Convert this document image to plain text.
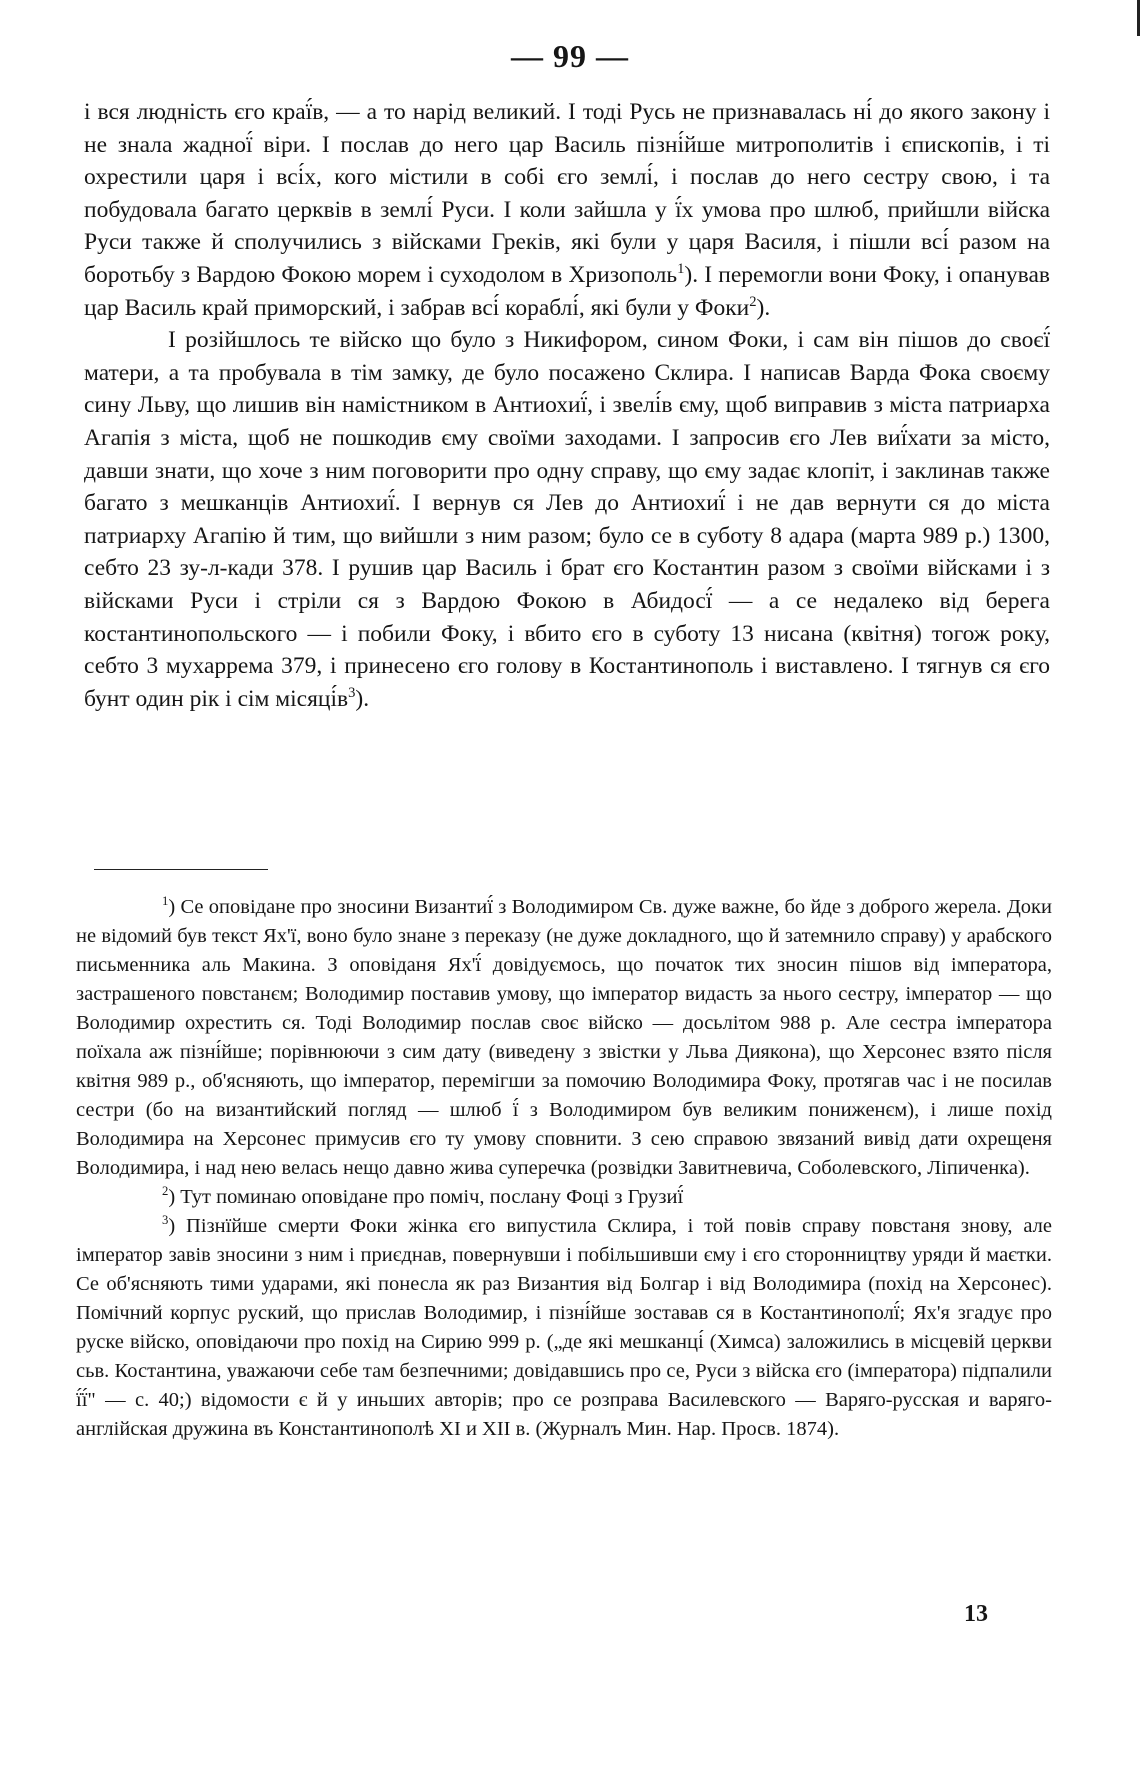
— 99 —

і вся людність єго краї́в, — а то нарід великий. І тоді Русь не признавалась ні́ до якого закону і не знала жадної́ віри. І послав до него цар Василь пізні́йше митрополитів і єпископів, і ті охрестили царя і всі́х, кого містили в собі єго землі́, і послав до него сестру свою, і та побудовала багато церквів в землі́ Руси. І коли зайшла у ї́х умова про шлюб, прийшли війска Руси также й сполучились з війсками Греків, які були у царя Василя, і пішли всі́ разом на боротьбу з Вардою Фокою морем і суходолом в Хризополь$^1$). І перемогли вони Фоку, і опанував цар Василь край приморский, і забрав всі́ кораблі́, які були у Фоки$^2$).

І розійшлось те війско що було з Никифором, сином Фоки, і сам він пішов до своєї́ матери, а та пробувала в тім замку, де було посажено Склира. І написав Варда Фока своєму сину Льву, що лишив він намістником в Антиохиї́, і звелі́в єму, щоб виправив з міста патриарха Агапія з міста, щоб не пошкодив єму своїми заходами. І запросив єго Лев виї́хати за місто, давши знати, що хоче з ним поговорити про одну справу, що єму задає клопіт, і заклинав также багато з мешканців Антиохиї́. І вернув ся Лев до Антиохиї́ і не дав вернути ся до міста патриарху Агапію й тим, що вийшли з ним разом; було се в суботу 8 адара (марта 989 р.) 1300, себто 23 зу-л-кади 378. І рушив цар Василь і брат єго Костантин разом з своїми війсками і з війсками Руси і стріли ся з Вардою Фокою в Абидосї́ — а се недалеко від берега костантинопольского — і побили Фоку, і вбито єго в суботу 13 нисана (квітня) тогож року, себто 3 мухаррема 379, і принесено єго голову в Костантинополь і виставлено. І тягнув ся єго бунт один рік і сім $місяці́в^3$).

$^1$) Се оповідане про зносини Византиї́ з Володимиром Св. дуже важне, бо йде з доброго жерела. Доки не відомий був текст Ях'ї, воно було знане з переказу (не дуже докладного, що й затемнило справу) у арабского письменника аль Макина. З оповіданя Ях'ї́ довідуємось, що початок тих зносин пішов від імператора, застрашеного повстанєм; Володимир поставив умову, що імператор видасть за нього сестру, імператор — що Володимир охрестить ся. Тоді Володимир послав своє війско — досьлітом 988 р. Але сестра імператора поїхала аж пізні́йше; порівнюючи з сим дату (виведену з звістки у Льва Дияконa), що Херсонес взято після квітня 989 р., об'ясняють, що імператор, перемігши за помочию Володимира Фоку, протягав час і не посилав сестри (бо на византийский погляд — шлюб ї́ з Володимиром був великим пониженєм), і лише похід Володимира на Херсонес примусив єго ту умову сповнити. З сею справою звязаний вивід дати охрещеня Володимира, і над нею велась нещо давно жива суперечка (розвідки Завитневича, Соболевского, Ліпиченка).

$^2$) Тут поминаю оповідане про поміч, послану Фоці з Грузиї́

$^3$) Пізнїйше смерти Фоки жінка єго випустила Склира, і той повів справу повстаня знову, але імператор завів зносини з ним і приєднав, повернувши і побільшивши єму і єго сторонництву уряди й маєтки. Се об'ясняють тими ударами, які понесла як раз Византия від Болгар і від Володимира (похід на Херсонес). Помічний корпус руский, що прислав Володимир, і пізні́йше зоставав ся в Костантинополї́; Ях'я згадує про руске війско, оповідаючи про похід на Сирию 999 р. („де які мешканці́ (Химса) заложились в місцевій церкви сьв. Костантина, уважаючи себе там безпечними; довідавшись про се, Руси з війска єго (імператора) підпалили ї́ї́" — с. 40;) відомости є й у иньших авторів; про се розправа Василевского — Варяго-русская и варяго-англійская дружина въ Константинополѣ XI и XII в. (Журналъ Мин. Нар. Просв. 1874).

13
